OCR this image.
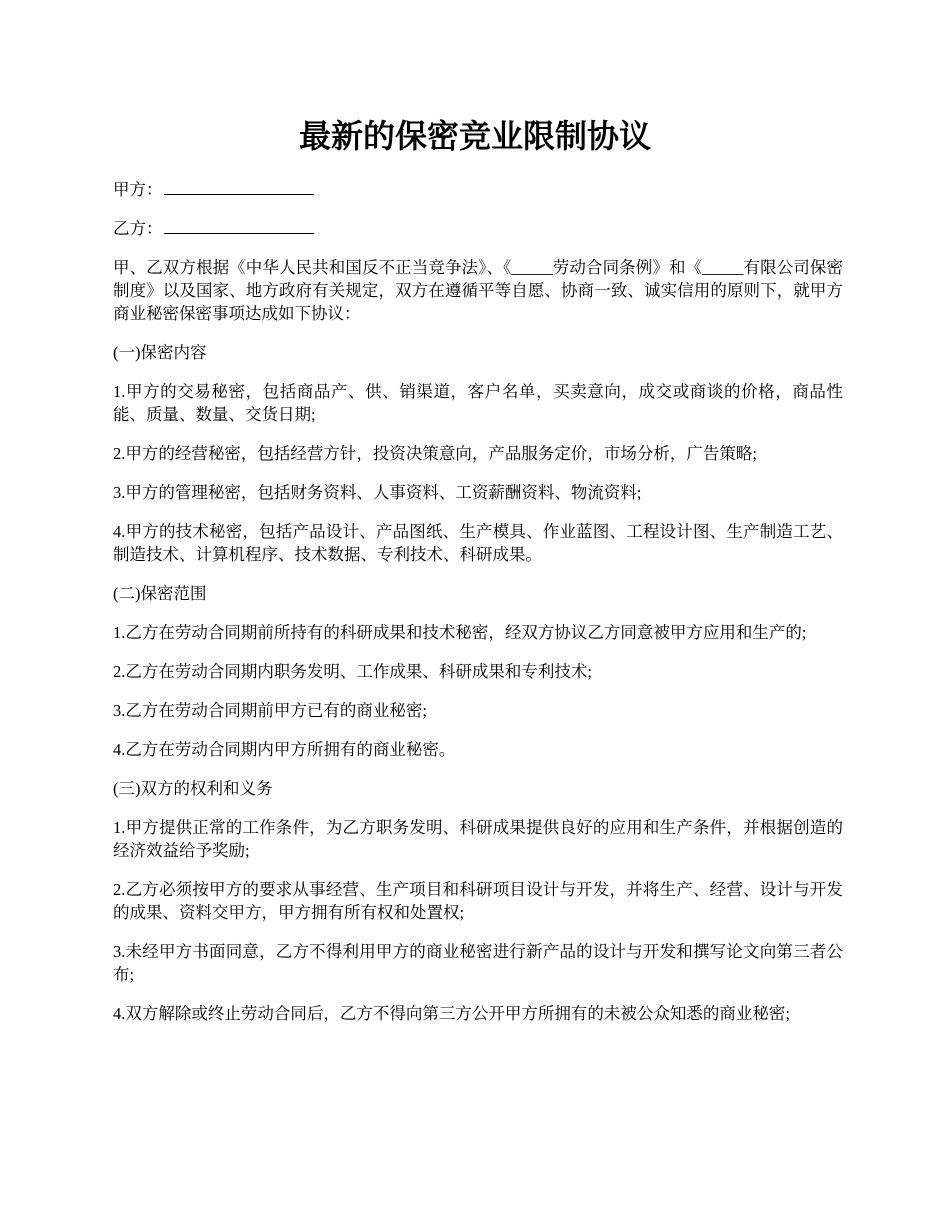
最新的保密竞业限制协议

甲方：

乙方：

甲、乙双方根据《中华人民共和国反不正当竞争法》、《_____劳动合同条例》和《_____有限公司保密制度》以及国家、地方政府有关规定，双方在遵循平等自愿、协商一致、诚实信用的原则下，就甲方商业秘密保密事项达成如下协议：

(一)保密内容

1.甲方的交易秘密，包括商品产、供、销渠道，客户名单，买卖意向，成交或商谈的价格，商品性能、质量、数量、交货日期;

2.甲方的经营秘密，包括经营方针，投资决策意向，产品服务定价，市场分析，广告策略;

3.甲方的管理秘密，包括财务资料、人事资料、工资薪酬资料、物流资料;

4.甲方的技术秘密，包括产品设计、产品图纸、生产模具、作业蓝图、工程设计图、生产制造工艺、制造技术、计算机程序、技术数据、专利技术、科研成果。

(二)保密范围

1.乙方在劳动合同期前所持有的科研成果和技术秘密，经双方协议乙方同意被甲方应用和生产的;

2.乙方在劳动合同期内职务发明、工作成果、科研成果和专利技术;

3.乙方在劳动合同期前甲方已有的商业秘密;

4.乙方在劳动合同期内甲方所拥有的商业秘密。

(三)双方的权利和义务

1.甲方提供正常的工作条件，为乙方职务发明、科研成果提供良好的应用和生产条件，并根据创造的经济效益给予奖励;

2.乙方必须按甲方的要求从事经营、生产项目和科研项目设计与开发，并将生产、经营、设计与开发的成果、资料交甲方，甲方拥有所有权和处置权;

3.未经甲方书面同意，乙方不得利用甲方的商业秘密进行新产品的设计与开发和撰写论文向第三者公布;

4.双方解除或终止劳动合同后，乙方不得向第三方公开甲方所拥有的未被公众知悉的商业秘密;
